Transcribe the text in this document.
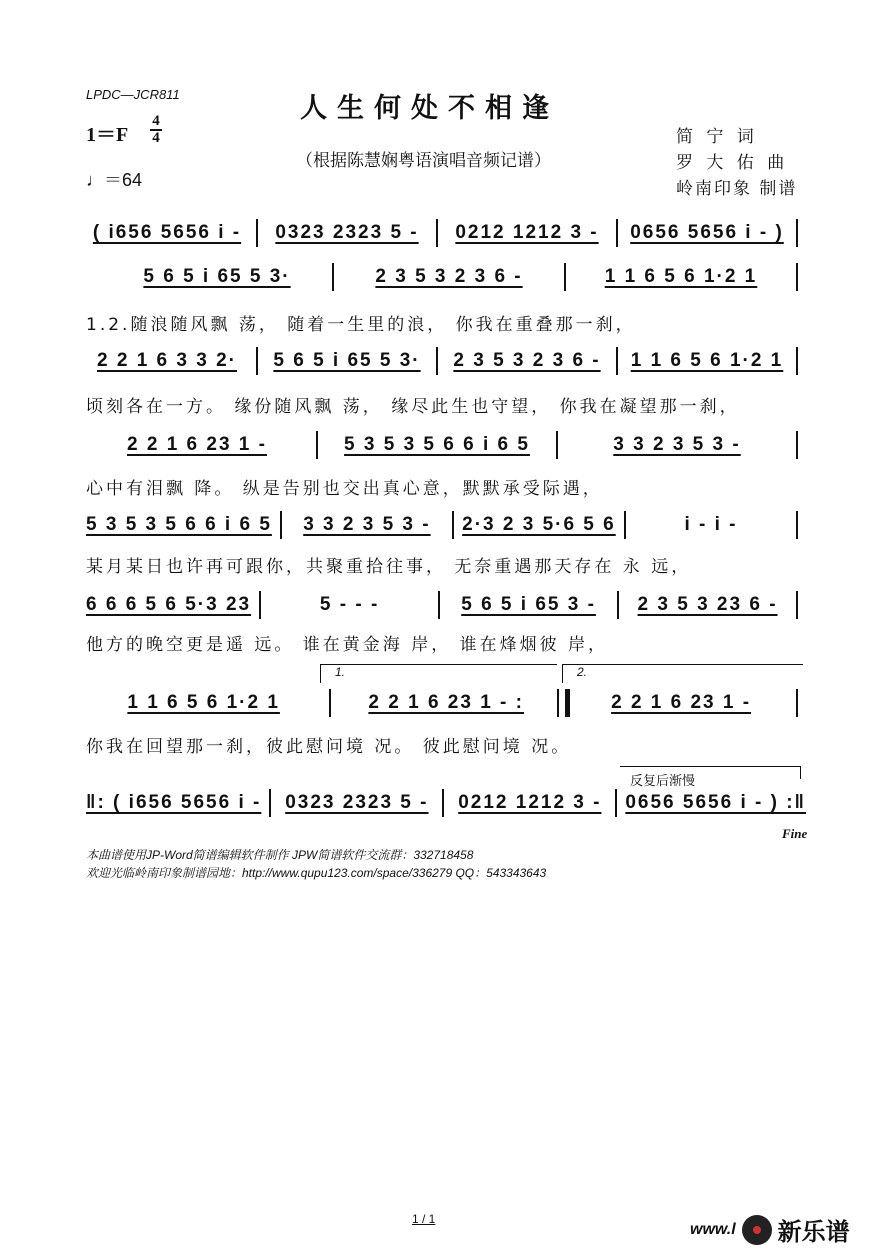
LPDC—JCR811	人生何处不相逢
（根据陈慧娴粤语演唱音频记谱）
1＝F
4
4
♩＝64
简 宁 词
罗 大 佑 曲
岭南印象 制谱
( i656 5656 i -	0323 2323 5 -	0212 1212 3 -	0656 5656 i - )
5 6 5 i 65 5 3·	2 3 5 3 2 3 6 -	1 1 6 5 6 1·2 1
1.2.随浪随风飘 荡， 随着一生里的浪， 你我在重叠那一刹，
2 2 1 6 3 3 2·	5 6 5 i 65 5 3·	2 3 5 3 2 3 6 -	1 1 6 5 6 1·2 1
顷刻各在一方。 缘份随风飘 荡， 缘尽此生也守望， 你我在凝望那一刹，
2 2 1 6 23 1 -	5 3 5 3 5 6 6 i 6 5	3 3 2 3 5 3 -
心中有泪飘 降。 纵是告别也交出真心意，默默承受际遇，
5 3 5 3 5 6 6 i 6 5	3 3 2 3 5 3 -	2·3 2 3 5·6 5 6	i - i -
某月某日也许再可跟你，共聚重拾往事， 无奈重遇那天存在 永 远，
6 6 6 5 6 5·3 23	5 - - -	5 6 5 i 65 3 -	2 3 5 3 23 6 -
他方的晚空更是遥 远。 谁在黄金海 岸， 谁在烽烟彼 岸，
1.	2.
1 1 6 5 6 1·2 1	2 2 1 6 23 1 - :	2 2 1 6 23 1 -
你我在回望那一刹，彼此慰问境 况。 彼此慰问境 况。
反复后渐慢
‖: ( i656 5656 i -	0323 2323 5 -	0212 1212 3 -	0656 5656 i - ) :‖
Fine
本曲谱使用JP-Word简谱编辑软件制作 JPW简谱软件交流群：332718458
欢迎光临岭南印象制谱园地：http://www.qupu123.com/space/336279 QQ：543343643
1 / 1
www.l 新乐谱
